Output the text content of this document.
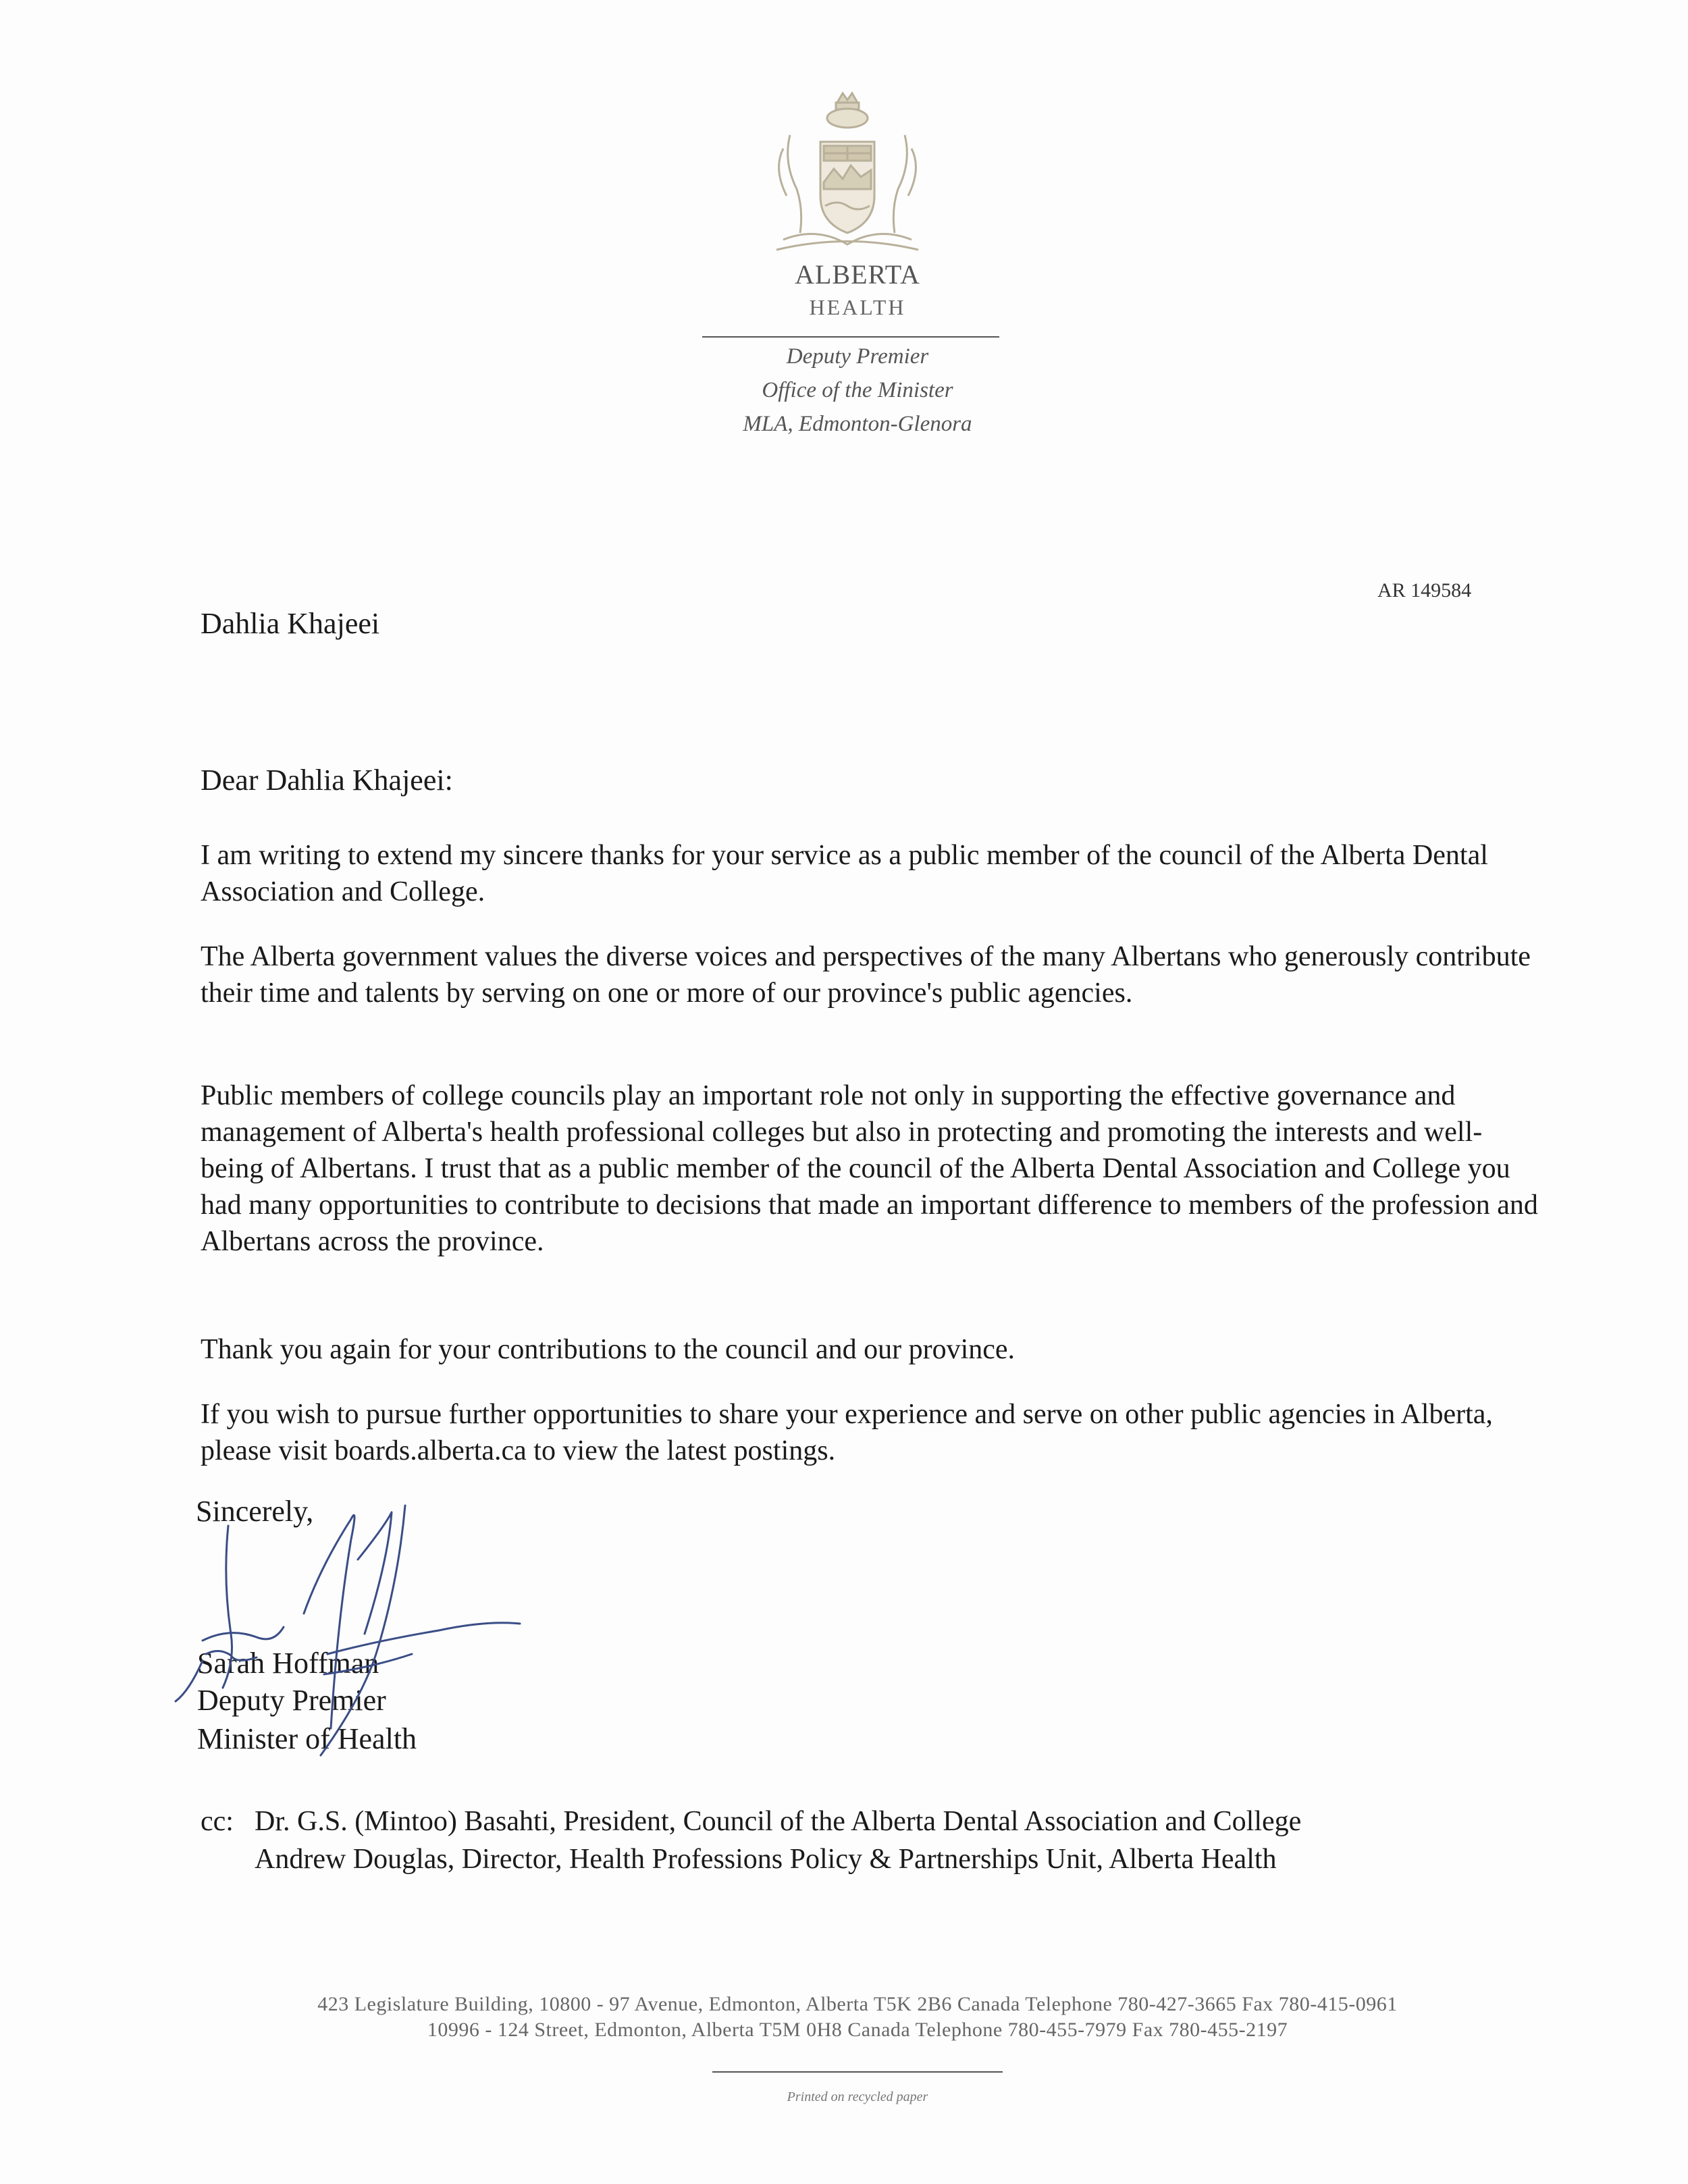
ALBERTA
HEALTH
Deputy Premier
Office of the Minister
MLA, Edmonton-Glenora
AR 149584
Dahlia Khajeei
Dear Dahlia Khajeei:

I am writing to extend my sincere thanks for your service as a public member of the council of the Alberta Dental Association and College.

The Alberta government values the diverse voices and perspectives of the many Albertans who generously contribute their time and talents by serving on one or more of our province's public agencies.

Public members of college councils play an important role not only in supporting the effective governance and management of Alberta's health professional colleges but also in protecting and promoting the interests and well-being of Albertans. I trust that as a public member of the council of the Alberta Dental Association and College you had many opportunities to contribute to decisions that made an important difference to members of the profession and Albertans across the province.

Thank you again for your contributions to the council and our province.

If you wish to pursue further opportunities to share your experience and serve on other public agencies in Alberta, please visit boards.alberta.ca to view the latest postings.

Sincerely,
Sarah Hoffman
Deputy Premier
Minister of Health
cc: Dr. G.S. (Mintoo) Basahti, President, Council of the Alberta Dental Association and College
Andrew Douglas, Director, Health Professions Policy & Partnerships Unit, Alberta Health
423 Legislature Building, 10800 - 97 Avenue, Edmonton, Alberta T5K 2B6 Canada Telephone 780-427-3665 Fax 780-415-0961
10996 - 124 Street, Edmonton, Alberta T5M 0H8 Canada Telephone 780-455-7979 Fax 780-455-2197
Printed on recycled paper
